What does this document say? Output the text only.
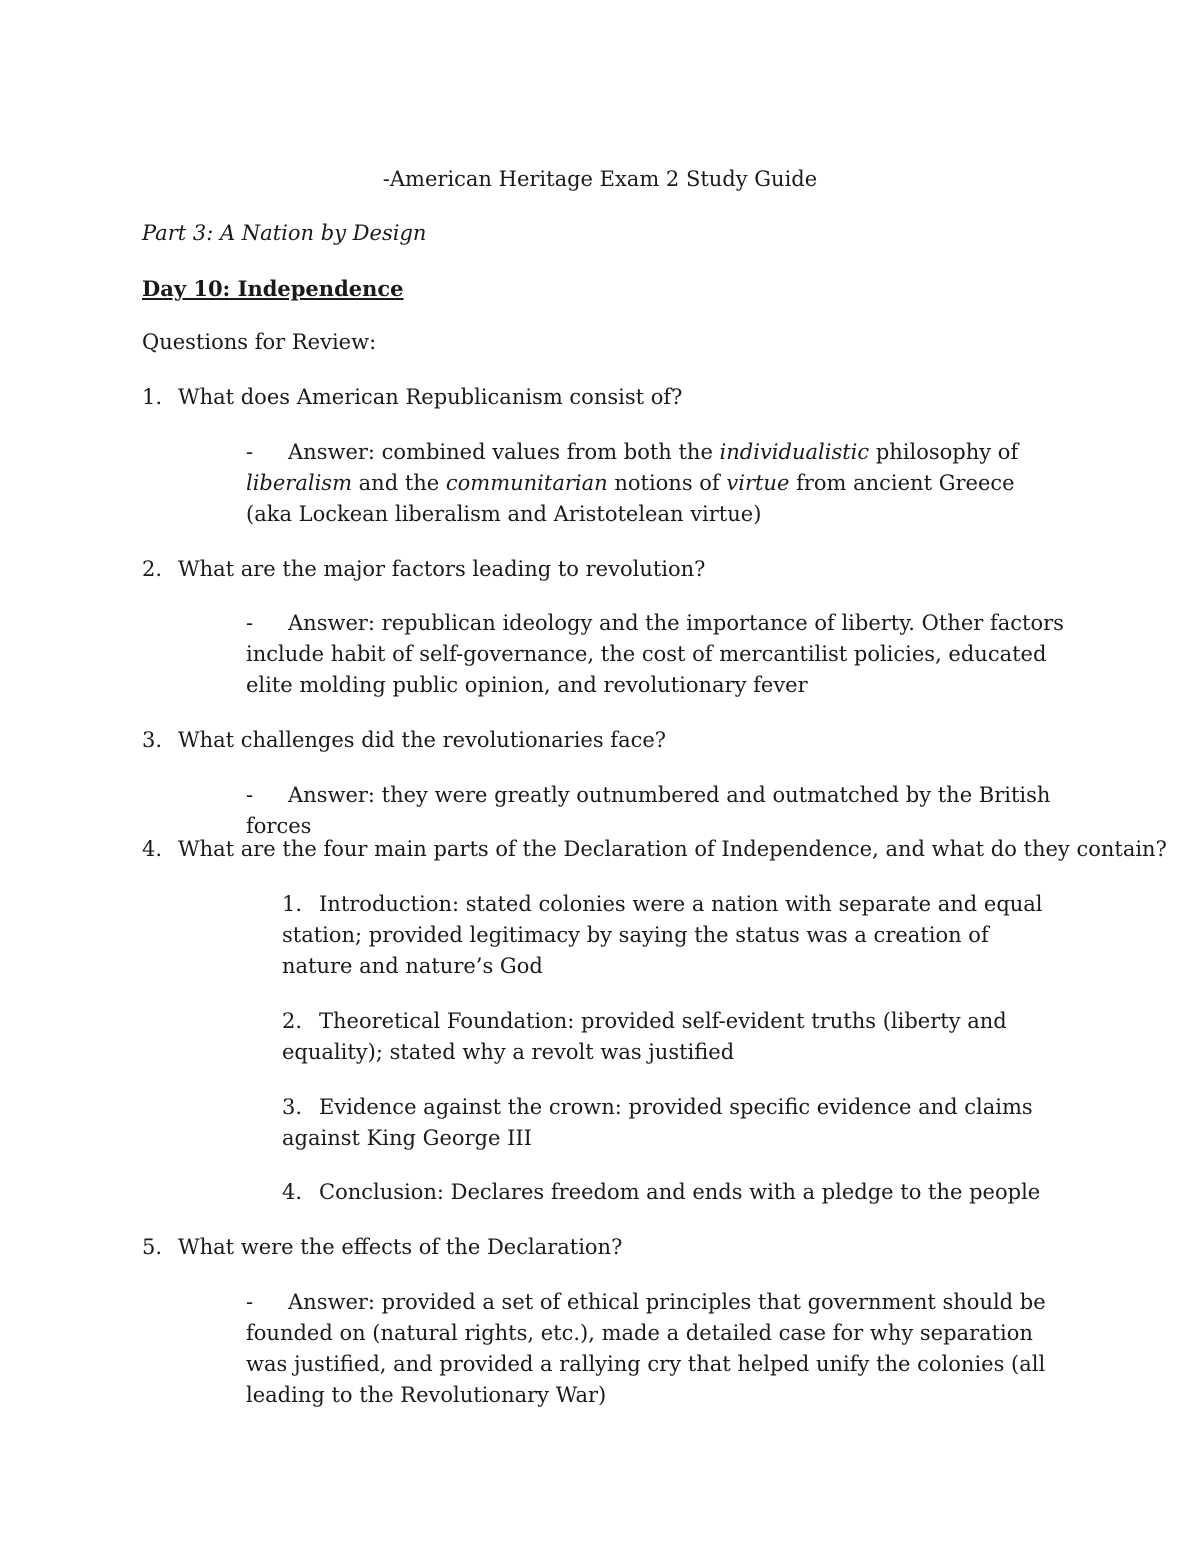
-American Heritage Exam 2 Study Guide
Part 3: A Nation by Design
Day 10: Independence
Questions for Review:
1. What does American Republicanism consist of?
- Answer: combined values from both the individualistic philosophy of liberalism and the communitarian notions of virtue from ancient Greece (aka Lockean liberalism and Aristotelean virtue)
2. What are the major factors leading to revolution?
- Answer: republican ideology and the importance of liberty. Other factors include habit of self-governance, the cost of mercantilist policies, educated elite molding public opinion, and revolutionary fever
3. What challenges did the revolutionaries face?
- Answer: they were greatly outnumbered and outmatched by the British forces
4. What are the four main parts of the Declaration of Independence, and what do they contain?
1. Introduction: stated colonies were a nation with separate and equal station; provided legitimacy by saying the status was a creation of nature and nature’s God
2. Theoretical Foundation: provided self-evident truths (liberty and equality); stated why a revolt was justified
3. Evidence against the crown: provided specific evidence and claims against King George III
4. Conclusion: Declares freedom and ends with a pledge to the people
5. What were the effects of the Declaration?
- Answer: provided a set of ethical principles that government should be founded on (natural rights, etc.), made a detailed case for why separation was justified, and provided a rallying cry that helped unify the colonies (all leading to the Revolutionary War)
